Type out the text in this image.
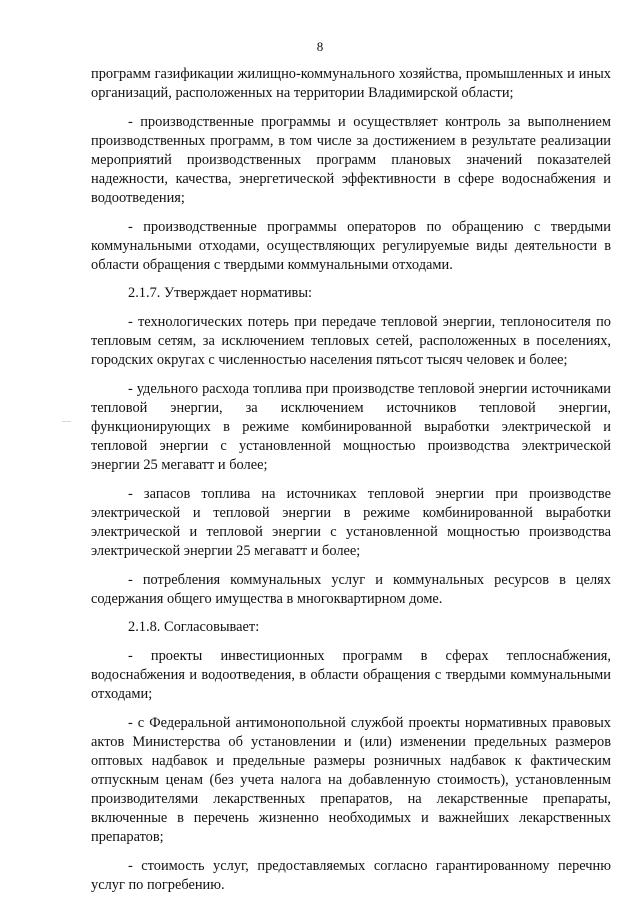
8

программ газификации жилищно-коммунального хозяйства, промышленных и иных организаций, расположенных на территории Владимирской области;

- производственные программы и осуществляет контроль за выполнением производственных программ, в том числе за достижением в результате реализации мероприятий производственных программ плановых значений показателей надежности, качества, энергетической эффективности в сфере водоснабжения и водоотведения;

- производственные программы операторов по обращению с твердыми коммунальными отходами, осуществляющих регулируемые виды деятельности в области обращения с твердыми коммунальными отходами.

2.1.7. Утверждает нормативы:

- технологических потерь при передаче тепловой энергии, теплоносителя по тепловым сетям, за исключением тепловых сетей, расположенных в поселениях, городских округах с численностью населения пятьсот тысяч человек и более;

- удельного расхода топлива при производстве тепловой энергии источниками тепловой энергии, за исключением источников тепловой энергии, функционирующих в режиме комбинированной выработки электрической и тепловой энергии с установленной мощностью производства электрической энергии 25 мегаватт и более;

- запасов топлива на источниках тепловой энергии при производстве электрической и тепловой энергии в режиме комбинированной выработки электрической и тепловой энергии с установленной мощностью производства электрической энергии 25 мегаватт и более;

- потребления коммунальных услуг и коммунальных ресурсов в целях содержания общего имущества в многоквартирном доме.

2.1.8. Согласовывает:

- проекты инвестиционных программ в сферах теплоснабжения, водоснабжения и водоотведения, в области обращения с твердыми коммунальными отходами;

- с Федеральной антимонопольной службой проекты нормативных правовых актов Министерства об установлении и (или) изменении предельных размеров оптовых надбавок и предельные размеры розничных надбавок к фактическим отпускным ценам (без учета налога на добавленную стоимость), установленным производителями лекарственных препаратов, на лекарственные препараты, включенные в перечень жизненно необходимых и важнейших лекарственных препаратов;

- стоимость услуг, предоставляемых согласно гарантированному перечню услуг по погребению.
